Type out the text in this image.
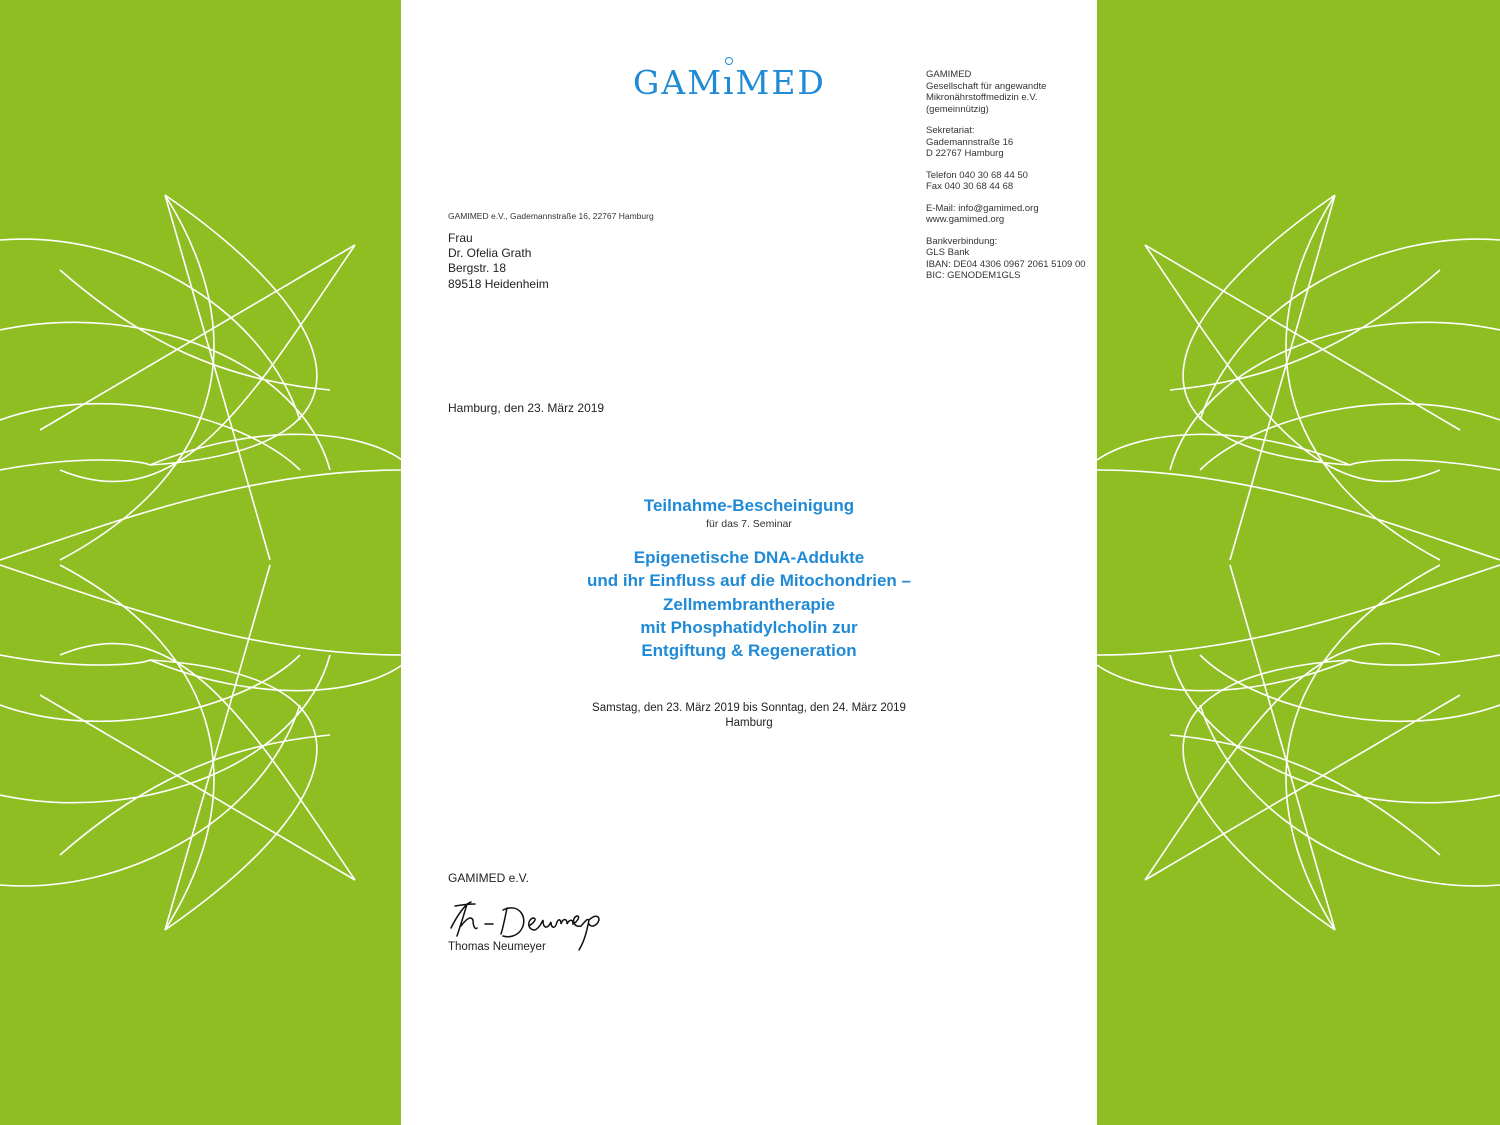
GAMıMED	GAMIMED
Gesellschaft für angewandte
Mikronährstoffmedizin e.V.
(gemeinnützig)
Sekretariat:
Gademannstraße 16
D 22767 Hamburg
Telefon 040 30 68 44 50
Fax 040 30 68 44 68
E-Mail: info@gamimed.org
www.gamimed.org
Bankverbindung:
GLS Bank
IBAN: DE04 4306 0967 2061 5109 00
BIC: GENODEM1GLS
GAMIMED e.V., Gademannstraße 16, 22767 Hamburg
Frau
Dr. Ofelia Grath
Bergstr. 18
89518 Heidenheim
Hamburg, den 23. März 2019
Teilnahme-Bescheinigung
für das 7. Seminar
Epigenetische DNA-Addukte
und ihr Einfluss auf die Mitochondrien –
Zellmembrantherapie
mit Phosphatidylcholin zur
Entgiftung & Regeneration
Samstag, den 23. März 2019 bis Sonntag, den 24. März 2019
Hamburg
GAMIMED e.V.
Thomas Neumeyer
